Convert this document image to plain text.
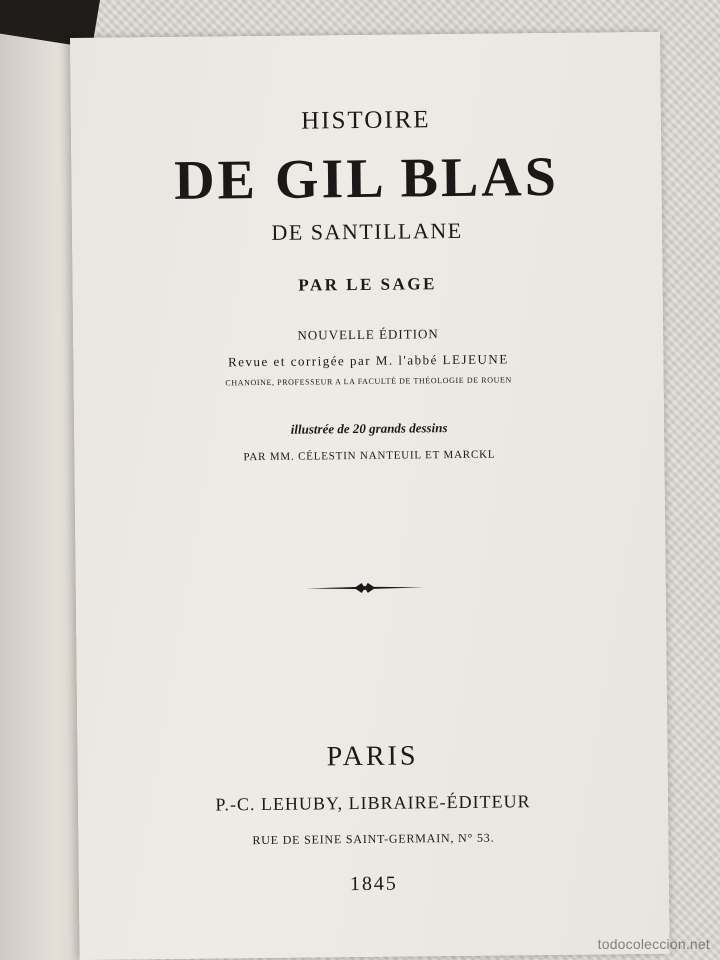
HISTOIRE
DE GIL BLAS
DE SANTILLANE
PAR LE SAGE
NOUVELLE ÉDITION
Revue et corrigée par M. l'abbé LEJEUNE
CHANOINE, PROFESSEUR A LA FACULTÉ DE THÉOLOGIE DE ROUEN
illustrée de 20 grands dessins
PAR MM. CÉLESTIN NANTEUIL ET MARCKL
PARIS
P.-C. LEHUBY, LIBRAIRE-ÉDITEUR
RUE DE SEINE SAINT-GERMAIN, N° 53.
1845
todocoleccion.net
